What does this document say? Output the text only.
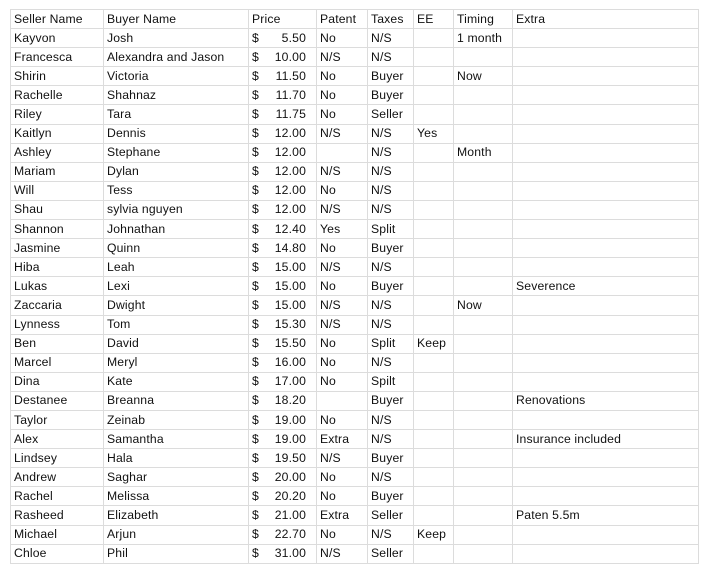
Seller Name	Buyer Name	Price	Patent	Taxes	EE	Timing	Extra
Kayvon	Josh	$ 5.50	No	N/S		1 month	
Francesca	Alexandra and Jason	$ 10.00	N/S	N/S			
Shirin	Victoria	$ 11.50	No	Buyer		Now	
Rachelle	Shahnaz	$ 11.70	No	Buyer			
Riley	Tara	$ 11.75	No	Seller			
Kaitlyn	Dennis	$ 12.00	N/S	N/S	Yes		
Ashley	Stephane	$ 12.00		N/S		Month	
Mariam	Dylan	$ 12.00	N/S	N/S			
Will	Tess	$ 12.00	No	N/S			
Shau	sylvia nguyen	$ 12.00	N/S	N/S			
Shannon	Johnathan	$ 12.40	Yes	Split			
Jasmine	Quinn	$ 14.80	No	Buyer			
Hiba	Leah	$ 15.00	N/S	N/S			
Lukas	Lexi	$ 15.00	No	Buyer			Severence
Zaccaria	Dwight	$ 15.00	N/S	N/S		Now	
Lynness	Tom	$ 15.30	N/S	N/S			
Ben	David	$ 15.50	No	Split	Keep		
Marcel	Meryl	$ 16.00	No	N/S			
Dina	Kate	$ 17.00	No	Spilt			
Destanee	Breanna	$ 18.20		Buyer			Renovations
Taylor	Zeinab	$ 19.00	No	N/S			
Alex	Samantha	$ 19.00	Extra	N/S			Insurance included
Lindsey	Hala	$ 19.50	N/S	Buyer			
Andrew	Saghar	$ 20.00	No	N/S			
Rachel	Melissa	$ 20.20	No	Buyer			
Rasheed	Elizabeth	$ 21.00	Extra	Seller			Paten 5.5m
Michael	Arjun	$ 22.70	No	N/S	Keep		
Chloe	Phil	$ 31.00	N/S	Seller			
